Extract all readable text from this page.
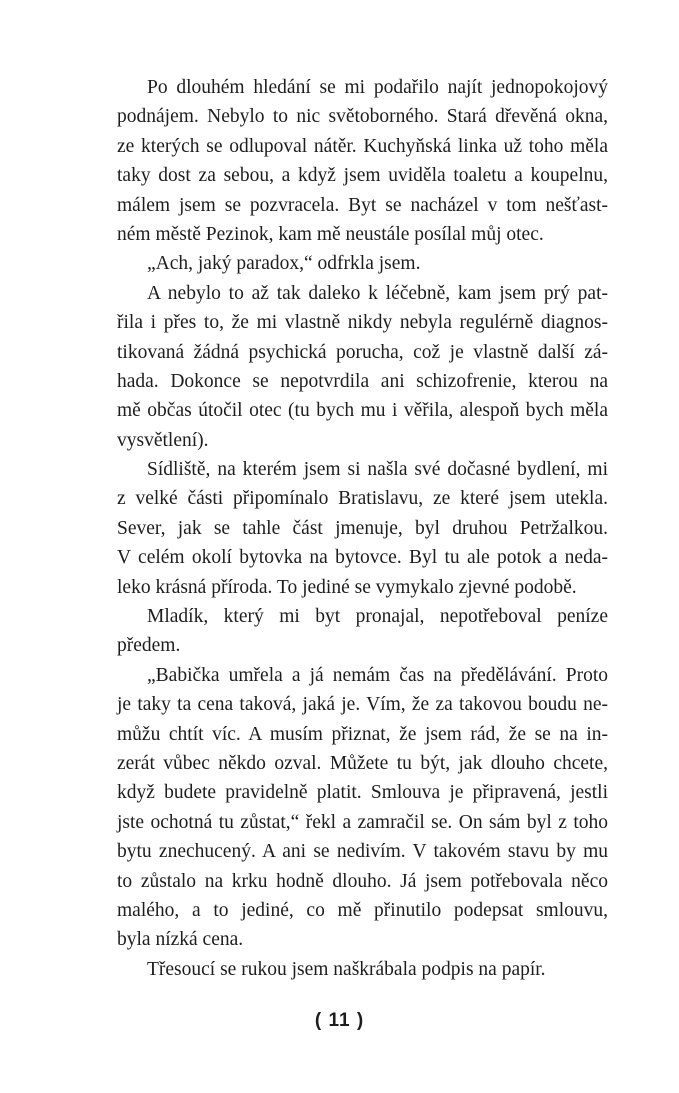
Po dlouhém hledání se mi podařilo najít jednopokojový
podnájem. Nebylo to nic světoborného. Stará dřevěná okna,
ze kterých se odlupoval nátěr. Kuchyňská linka už toho měla
taky dost za sebou, a když jsem uviděla toaletu a koupelnu,
málem jsem se pozvracela. Byt se nacházel v tom nešťast-
ném městě Pezinok, kam mě neustále posílal můj otec.
„Ach, jaký paradox,“ odfrkla jsem.
A nebylo to až tak daleko k léčebně, kam jsem prý pat-
řila i přes to, že mi vlastně nikdy nebyla regulérně diagnos-
tikovaná žádná psychická porucha, což je vlastně další zá-
hada. Dokonce se nepotvrdila ani schizofrenie, kterou na
mě občas útočil otec (tu bych mu i věřila, alespoň bych měla
vysvětlení).
Sídliště, na kterém jsem si našla své dočasné bydlení, mi
z velké části připomínalo Bratislavu, ze které jsem utekla.
Sever, jak se tahle část jmenuje, byl druhou Petržalkou.
V celém okolí bytovka na bytovce. Byl tu ale potok a neda-
leko krásná příroda. To jediné se vymykalo zjevné podobě.
Mladík, který mi byt pronajal, nepotřeboval peníze
předem.
„Babička umřela a já nemám čas na předělávání. Proto
je taky ta cena taková, jaká je. Vím, že za takovou boudu ne-
můžu chtít víc. A musím přiznat, že jsem rád, že se na in-
zerát vůbec někdo ozval. Můžete tu být, jak dlouho chcete,
když budete pravidelně platit. Smlouva je připravená, jestli
jste ochotná tu zůstat,“ řekl a zamračil se. On sám byl z toho
bytu znechucený. A ani se nedivím. V takovém stavu by mu
to zůstalo na krku hodně dlouho. Já jsem potřebovala něco
malého, a to jediné, co mě přinutilo podepsat smlouvu,
byla nízká cena.
Třesoucí se rukou jsem naškrábala podpis na papír.
( 11 )
